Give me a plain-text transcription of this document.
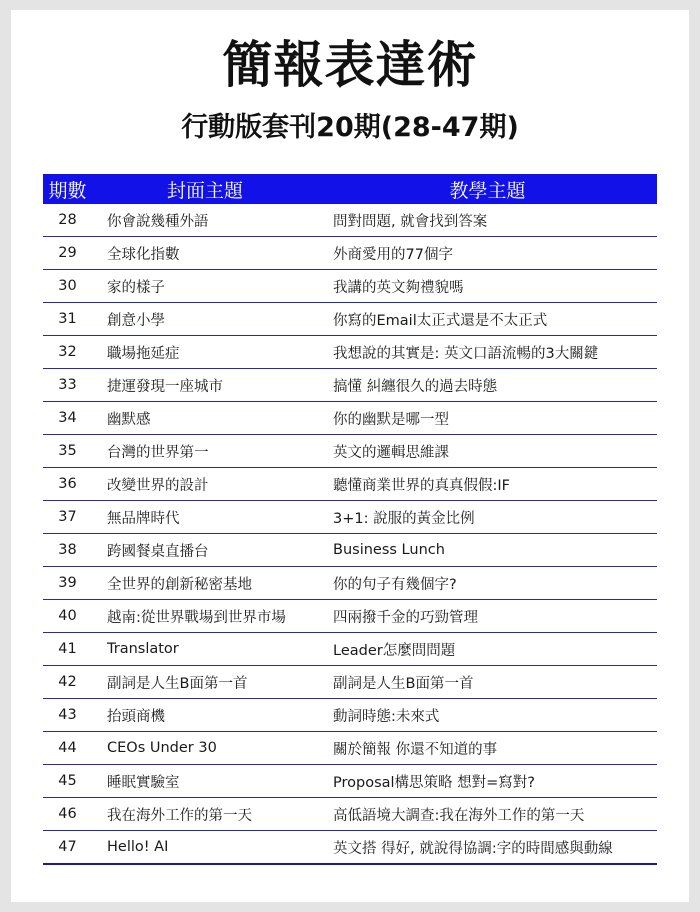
簡報表達術
行動版套刊20期(28-47期)
期數	封面主題	教學主題
28	你會說幾種外語	問對問題, 就會找到答案
29	全球化指數	外商愛用的77個字
30	家的樣子	我講的英文夠禮貌嗎
31	創意小學	你寫的Email太正式還是不太正式
32	職場拖延症	我想說的其實是: 英文口語流暢的3大關鍵
33	捷運發現一座城市	搞懂 糾纏很久的過去時態
34	幽默感	你的幽默是哪一型
35	台灣的世界第一	英文的邏輯思維課
36	改變世界的設計	聽懂商業世界的真真假假:IF
37	無品牌時代	3+1: 說服的黃金比例
38	跨國餐桌直播台	Business Lunch
39	全世界的創新秘密基地	你的句子有幾個字?
40	越南:從世界戰場到世界市場	四兩撥千金的巧勁管理
41	Translator	Leader怎麼問問題
42	副詞是人生B面第一首	副詞是人生B面第一首
43	抬頭商機	動詞時態:未來式
44	CEOs Under 30	關於簡報 你還不知道的事
45	睡眠實驗室	Proposal構思策略 想對=寫對?
46	我在海外工作的第一天	高低語境大調查:我在海外工作的第一天
47	Hello! AI	英文搭 得好, 就說得協調:字的時間感與動線
